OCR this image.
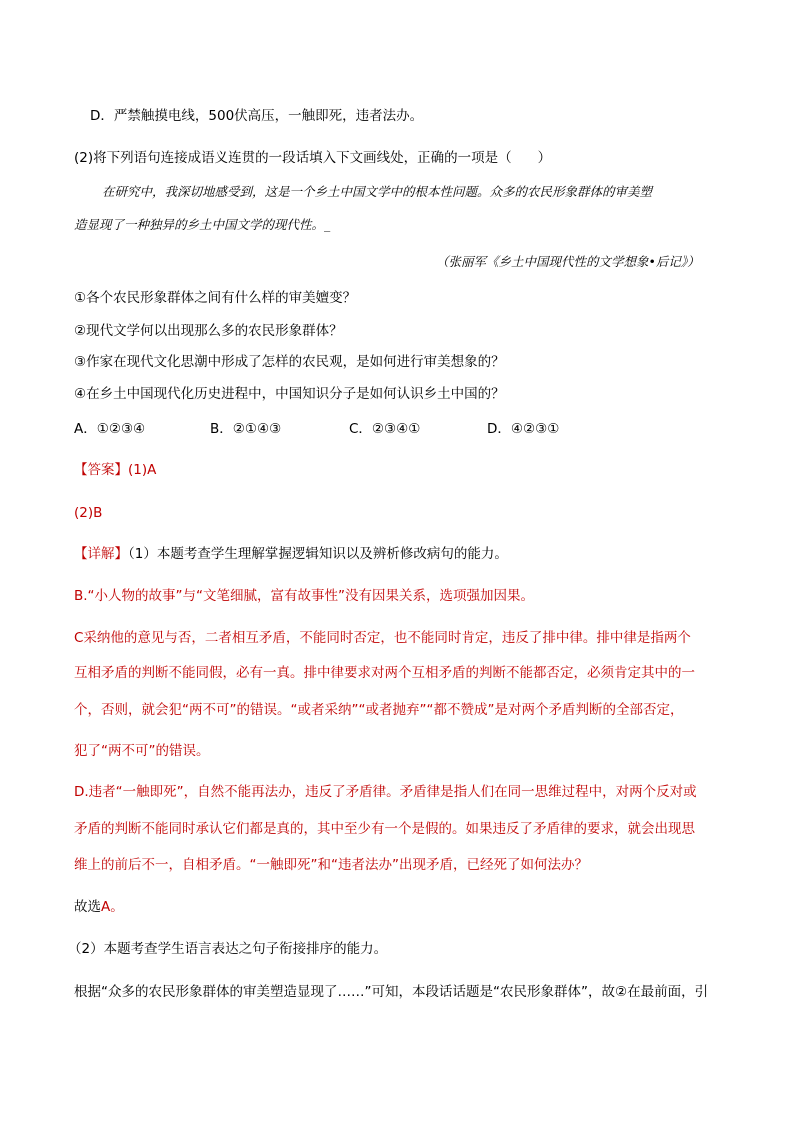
D．严禁触摸电线，500伏高压，一触即死，违者法办。
(2)将下列语句连接成语义连贯的一段话填入下文画线处，正确的一项是（ ）
在研究中，我深切地感受到，这是一个乡土中国文学中的根本性问题。众多的农民形象群体的审美塑
造显现了一种独异的乡土中国文学的现代性。_
（张丽军《乡土中国现代性的文学想象•后记》）
①各个农民形象群体之间有什么样的审美嬗变？
②现代文学何以出现那么多的农民形象群体？
③作家在现代文化思潮中形成了怎样的农民观，是如何进行审美想象的？
④在乡土中国现代化历史进程中，中国知识分子是如何认识乡土中国的？
A．①②③④	B．②①④③	C．②③④①	D．④②③①
【答案】(1)A
(2)B
【详解】（1）本题考查学生理解掌握逻辑知识以及辨析修改病句的能力。
B.“小人物的故事”与“文笔细腻，富有故事性”没有因果关系，选项强加因果。
C采纳他的意见与否，二者相互矛盾，不能同时否定，也不能同时肯定，违反了排中律。排中律是指两个
互相矛盾的判断不能同假，必有一真。排中律要求对两个互相矛盾的判断不能都否定，必须肯定其中的一
个，否则，就会犯“两不可”的错误。“或者采纳”“或者抛弃”“都不赞成”是对两个矛盾判断的全部否定，
犯了“两不可”的错误。
D.违者“一触即死”，自然不能再法办，违反了矛盾律。矛盾律是指人们在同一思维过程中，对两个反对或
矛盾的判断不能同时承认它们都是真的，其中至少有一个是假的。如果违反了矛盾律的要求，就会出现思
维上的前后不一，自相矛盾。“一触即死”和“违者法办”出现矛盾，已经死了如何法办？
故选A。
（2）本题考查学生语言表达之句子衔接排序的能力。
根据“众多的农民形象群体的审美塑造显现了……”可知，本段话话题是“农民形象群体”，故②在最前面，引
